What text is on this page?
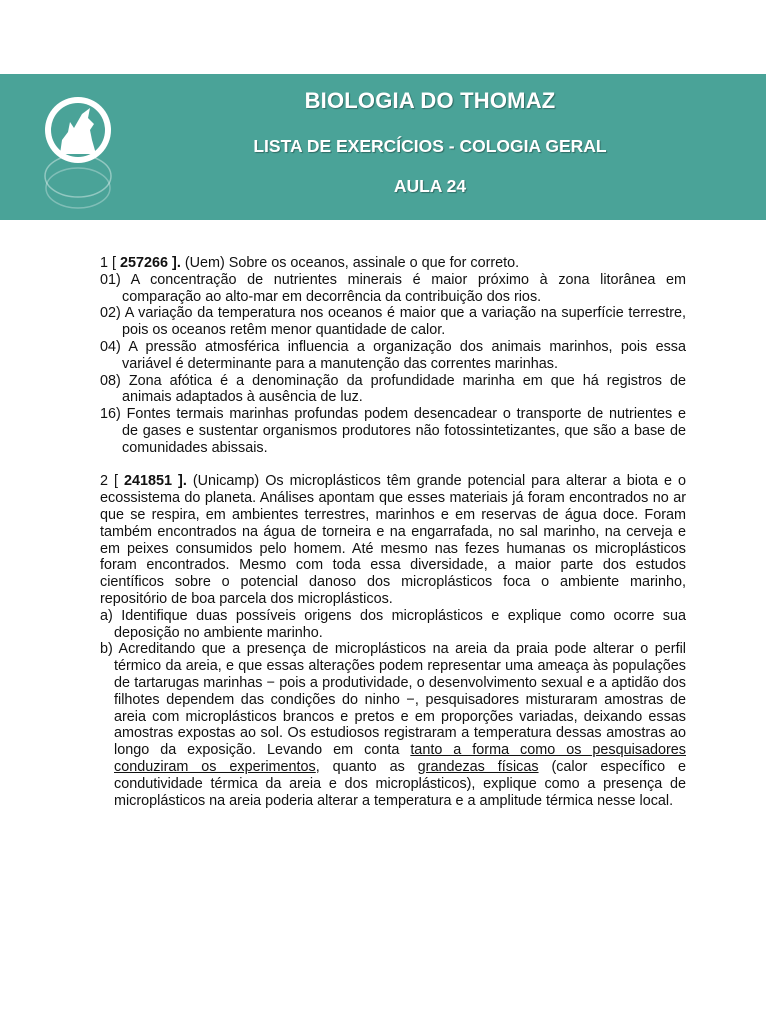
BIOLOGIA DO THOMAZ
LISTA DE EXERCÍCIOS - COLOGIA GERAL
AULA 24

1 [ 257266 ]. (Uem) Sobre os oceanos, assinale o que for correto.

01) A concentração de nutrientes minerais é maior próximo à zona litorânea em comparação ao alto-mar em decorrência da contribuição dos rios.

02) A variação da temperatura nos oceanos é maior que a variação na superfície terrestre, pois os oceanos retêm menor quantidade de calor.

04) A pressão atmosférica influencia a organização dos animais marinhos, pois essa variável é determinante para a manutenção das correntes marinhas.

08) Zona afótica é a denominação da profundidade marinha em que há registros de animais adaptados à ausência de luz.

16) Fontes termais marinhas profundas podem desencadear o transporte de nutrientes e de gases e sustentar organismos produtores não fotossintetizantes, que são a base de comunidades abissais.

2 [ 241851 ]. (Unicamp) Os microplásticos têm grande potencial para alterar a biota e o ecossistema do planeta. Análises apontam que esses materiais já foram encontrados no ar que se respira, em ambientes terrestres, marinhos e em reservas de água doce. Foram também encontrados na água de torneira e na engarrafada, no sal marinho, na cerveja e em peixes consumidos pelo homem. Até mesmo nas fezes humanas os microplásticos foram encontrados. Mesmo com toda essa diversidade, a maior parte dos estudos científicos sobre o potencial danoso dos microplásticos foca o ambiente marinho, repositório de boa parcela dos microplásticos.

a) Identifique duas possíveis origens dos microplásticos e explique como ocorre sua deposição no ambiente marinho.

b) Acreditando que a presença de microplásticos na areia da praia pode alterar o perfil térmico da areia, e que essas alterações podem representar uma ameaça às populações de tartarugas marinhas − pois a produtividade, o desenvolvimento sexual e a aptidão dos filhotes dependem das condições do ninho −, pesquisadores misturaram amostras de areia com microplásticos brancos e pretos e em proporções variadas, deixando essas amostras expostas ao sol. Os estudiosos registraram a temperatura dessas amostras ao longo da exposição. Levando em conta tanto a forma como os pesquisadores conduziram os experimentos, quanto as grandezas físicas (calor específico e condutividade térmica da areia e dos microplásticos), explique como a presença de microplásticos na areia poderia alterar a temperatura e a amplitude térmica nesse local.
